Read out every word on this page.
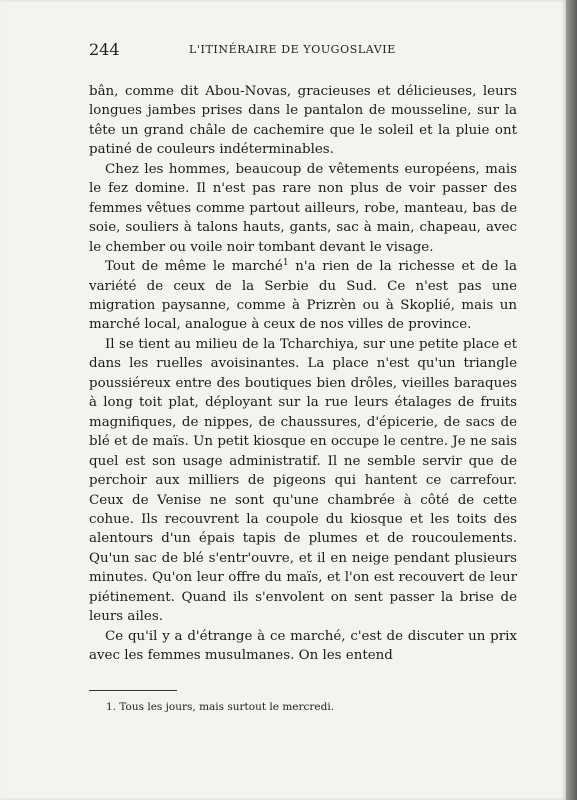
244	L'ITINÉRAIRE DE YOUGOSLAVIE

bân, comme dit Abou-Novas, gracieuses et délicieuses, leurs longues jambes prises dans le pantalon de mousseline, sur la tête un grand châle de cachemire que le soleil et la pluie ont patiné de couleurs indéterminables.

Chez les hommes, beaucoup de vêtements européens, mais le fez domine. Il n'est pas rare non plus de voir passer des femmes vêtues comme partout ailleurs, robe, manteau, bas de soie, souliers à talons hauts, gants, sac à main, chapeau, avec le chember ou voile noir tombant devant le visage.

Tout de même le marché$^1$ n'a rien de la richesse et de la variété de ceux de la Serbie du Sud. Ce n'est pas une migration paysanne, comme à Prizrèn ou à Skoplié, mais un marché local, analogue à ceux de nos villes de province.

Il se tient au milieu de la Tcharchiya, sur une petite place et dans les ruelles avoisinantes. La place n'est qu'un triangle poussiéreux entre des boutiques bien drôles, vieilles baraques à long toit plat, déployant sur la rue leurs étalages de fruits magnifiques, de nippes, de chaussures, d'épicerie, de sacs de blé et de maïs. Un petit kiosque en occupe le centre. Je ne sais quel est son usage administratif. Il ne semble servir que de perchoir aux milliers de pigeons qui hantent ce carrefour. Ceux de Venise ne sont qu'une chambrée à côté de cette cohue. Ils recouvrent la coupole du kiosque et les toits des alentours d'un épais tapis de plumes et de roucoulements. Qu'un sac de blé s'entr'ouvre, et il en neige pendant plusieurs minutes. Qu'on leur offre du maïs, et l'on est recouvert de leur piétinement. Quand ils s'envolent on sent passer la brise de leurs ailes.

Ce qu'il y a d'étrange à ce marché, c'est de discuter un prix avec les femmes musulmanes. On les entend

1. Tous les jours, mais surtout le mercredi.
